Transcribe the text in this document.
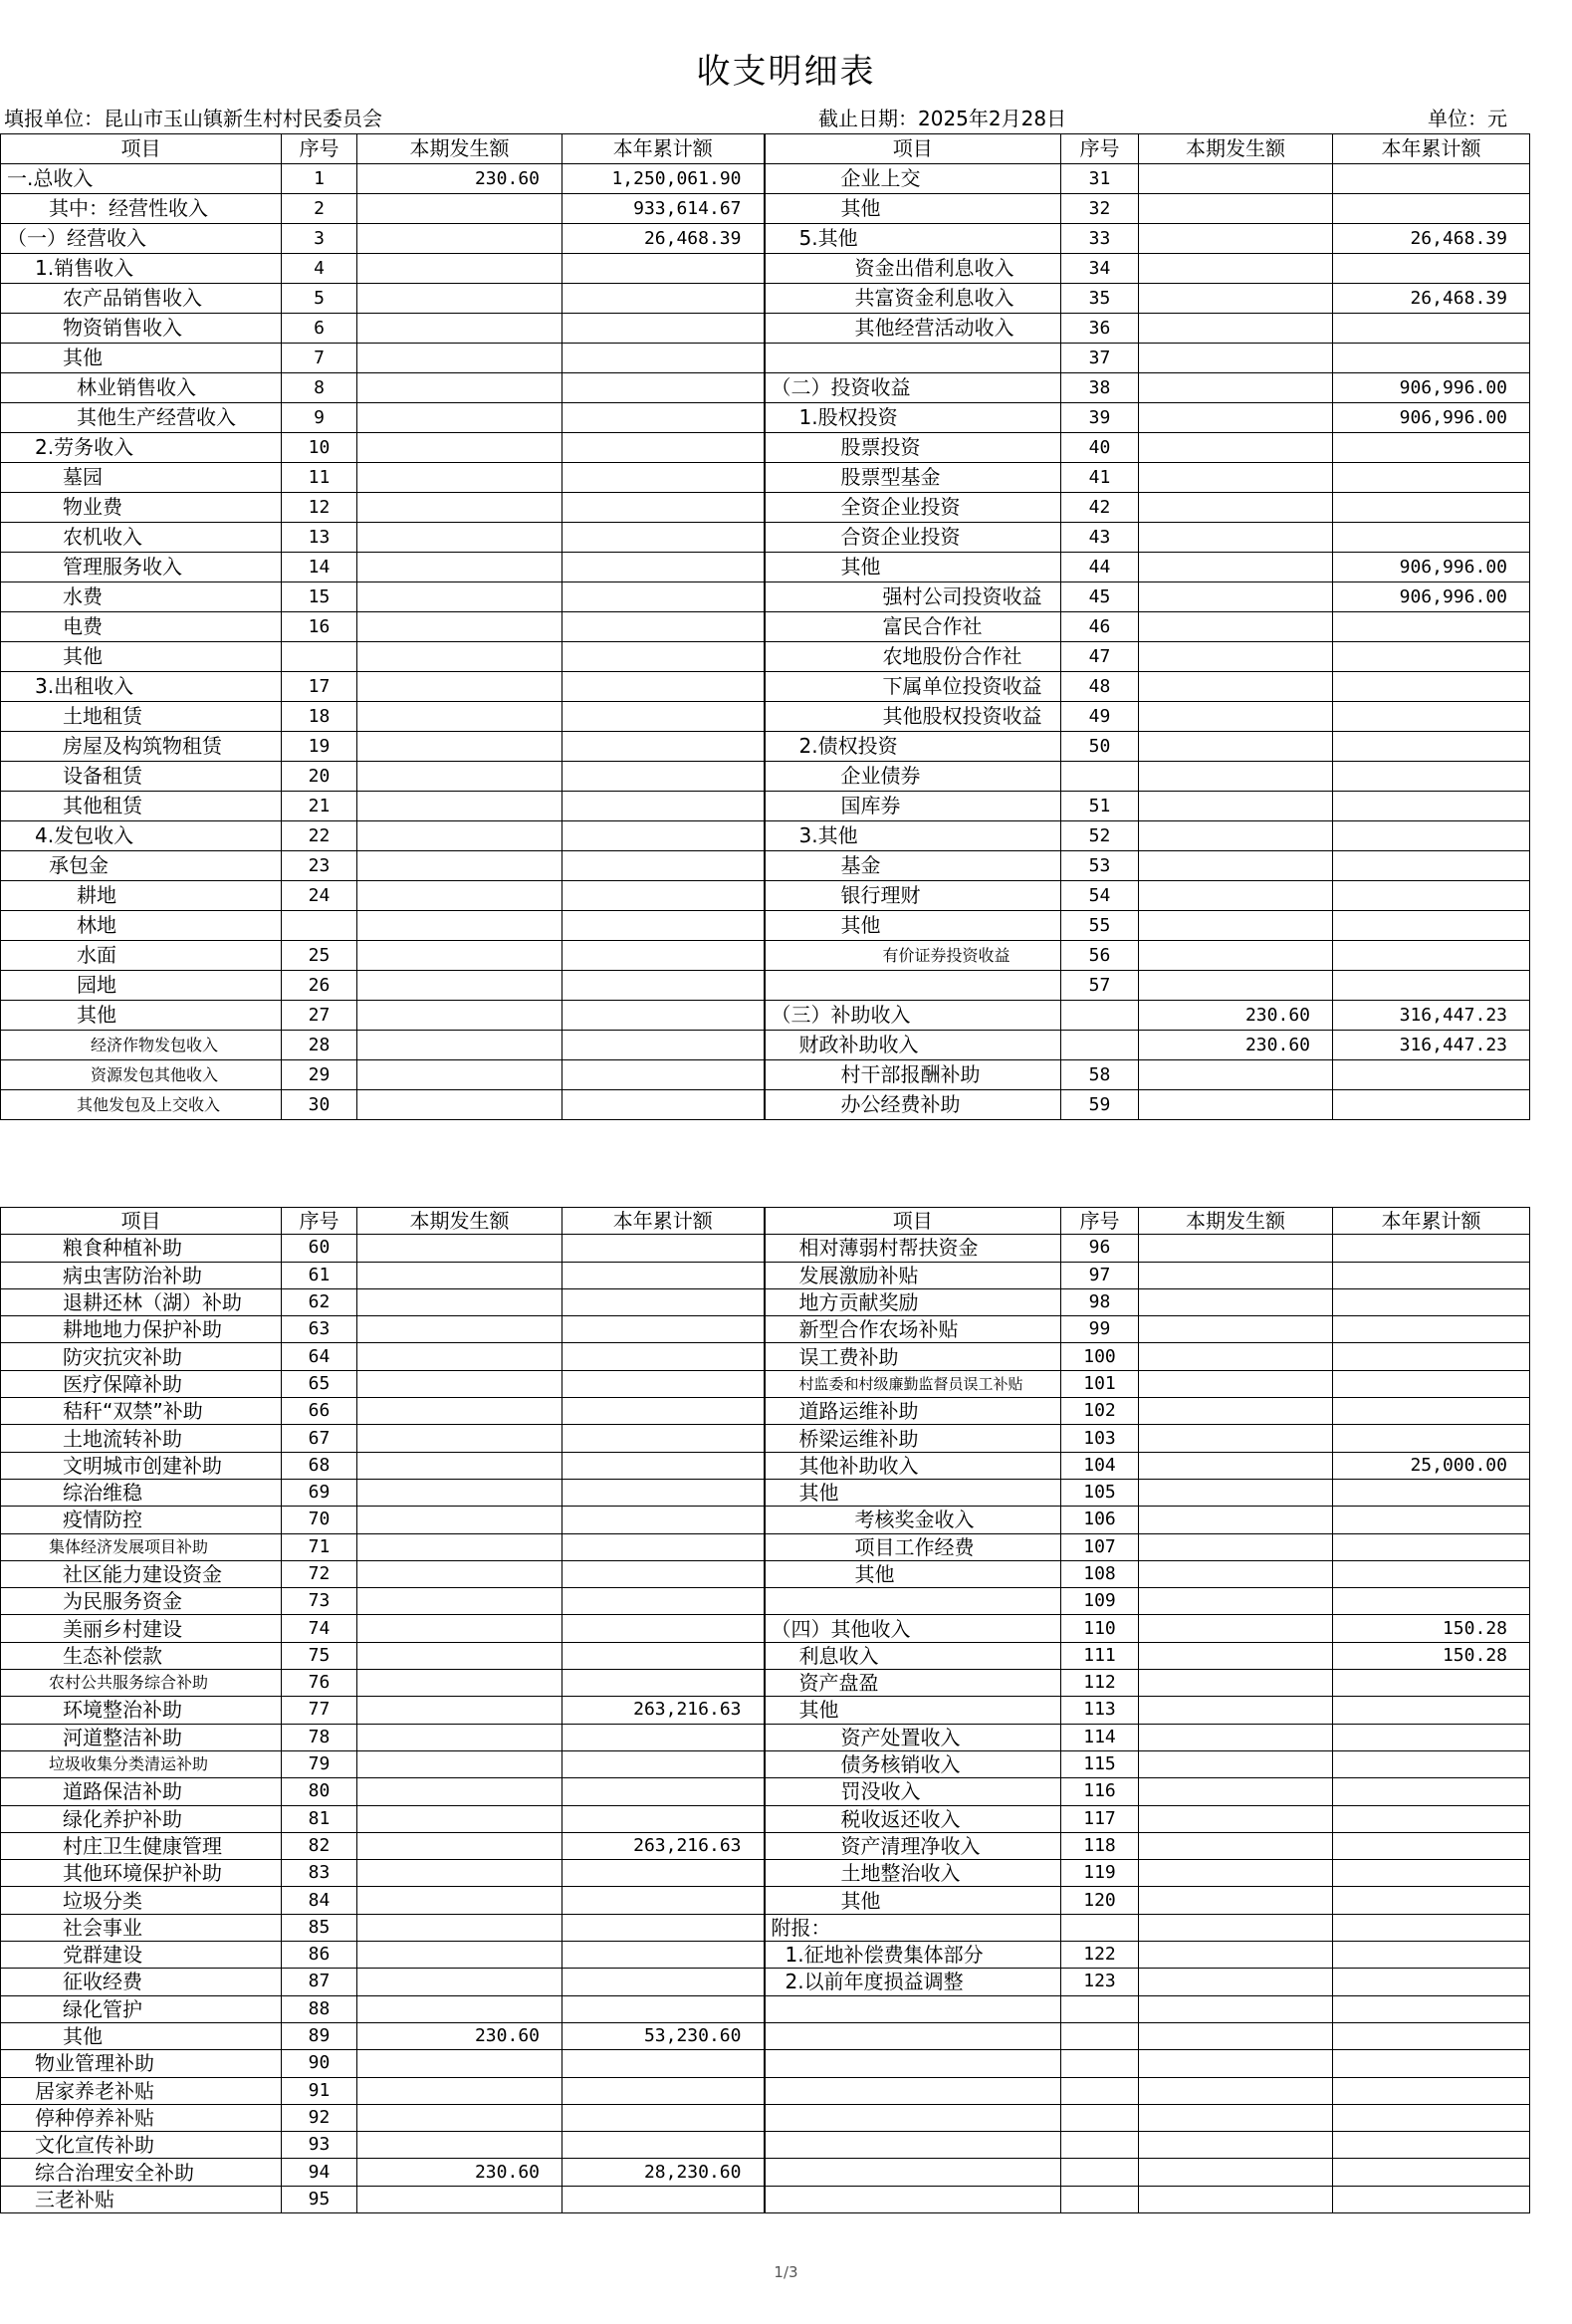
收支明细表
填报单位：昆山市玉山镇新生村村民委员会	截止日期：2025年2月28日	单位：元
项目	序号	本期发生额	本年累计额	项目	序号	本期发生额	本年累计额
一.总收入	1	230.60	1,250,061.90	企业上交	31		
其中：经营性收入	2		933,614.67	其他	32		
（一）经营收入	3		26,468.39	5.其他	33		26,468.39
1.销售收入	4			资金出借利息收入	34		
农产品销售收入	5			共富资金利息收入	35		26,468.39
物资销售收入	6			其他经营活动收入	36		
其他	7				37		
林业销售收入	8			（二）投资收益	38		906,996.00
其他生产经营收入	9			1.股权投资	39		906,996.00
2.劳务收入	10			股票投资	40		
墓园	11			股票型基金	41		
物业费	12			全资企业投资	42		
农机收入	13			合资企业投资	43		
管理服务收入	14			其他	44		906,996.00
水费	15			强村公司投资收益	45		906,996.00
电费	16			富民合作社	46		
其他				农地股份合作社	47		
3.出租收入	17			下属单位投资收益	48		
土地租赁	18			其他股权投资收益	49		
房屋及构筑物租赁	19			2.债权投资	50		
设备租赁	20			企业债券			
其他租赁	21			国库券	51		
4.发包收入	22			3.其他	52		
承包金	23			基金	53		
耕地	24			银行理财	54		
林地				其他	55		
水面	25			有价证券投资收益	56		
园地	26				57		
其他	27			（三）补助收入		230.60	316,447.23
经济作物发包收入	28			财政补助收入		230.60	316,447.23
资源发包其他收入	29			村干部报酬补助	58		
其他发包及上交收入	30			办公经费补助	59		
项目	序号	本期发生额	本年累计额	项目	序号	本期发生额	本年累计额
粮食种植补助	60			相对薄弱村帮扶资金	96		
病虫害防治补助	61			发展激励补贴	97		
退耕还林（湖）补助	62			地方贡献奖励	98		
耕地地力保护补助	63			新型合作农场补贴	99		
防灾抗灾补助	64			误工费补助	100		
医疗保障补助	65			村监委和村级廉勤监督员误工补贴	101		
秸秆“双禁”补助	66			道路运维补助	102		
土地流转补助	67			桥梁运维补助	103		
文明城市创建补助	68			其他补助收入	104		25,000.00
综治维稳	69			其他	105		
疫情防控	70			考核奖金收入	106		
集体经济发展项目补助	71			项目工作经费	107		
社区能力建设资金	72			其他	108		
为民服务资金	73				109		
美丽乡村建设	74			（四）其他收入	110		150.28
生态补偿款	75			利息收入	111		150.28
农村公共服务综合补助	76			资产盘盈	112		
环境整治补助	77		263,216.63	其他	113		
河道整洁补助	78			资产处置收入	114		
垃圾收集分类清运补助	79			债务核销收入	115		
道路保洁补助	80			罚没收入	116		
绿化养护补助	81			税收返还收入	117		
村庄卫生健康管理	82		263,216.63	资产清理净收入	118		
其他环境保护补助	83			土地整治收入	119		
垃圾分类	84			其他	120		
社会事业	85			附报：			
党群建设	86			1.征地补偿费集体部分	122		
征收经费	87			2.以前年度损益调整	123		
绿化管护	88						
其他	89	230.60	53,230.60				
物业管理补助	90						
居家养老补贴	91						
停种停养补贴	92						
文化宣传补助	93						
综合治理安全补助	94	230.60	28,230.60				
三老补贴	95						
1/3
